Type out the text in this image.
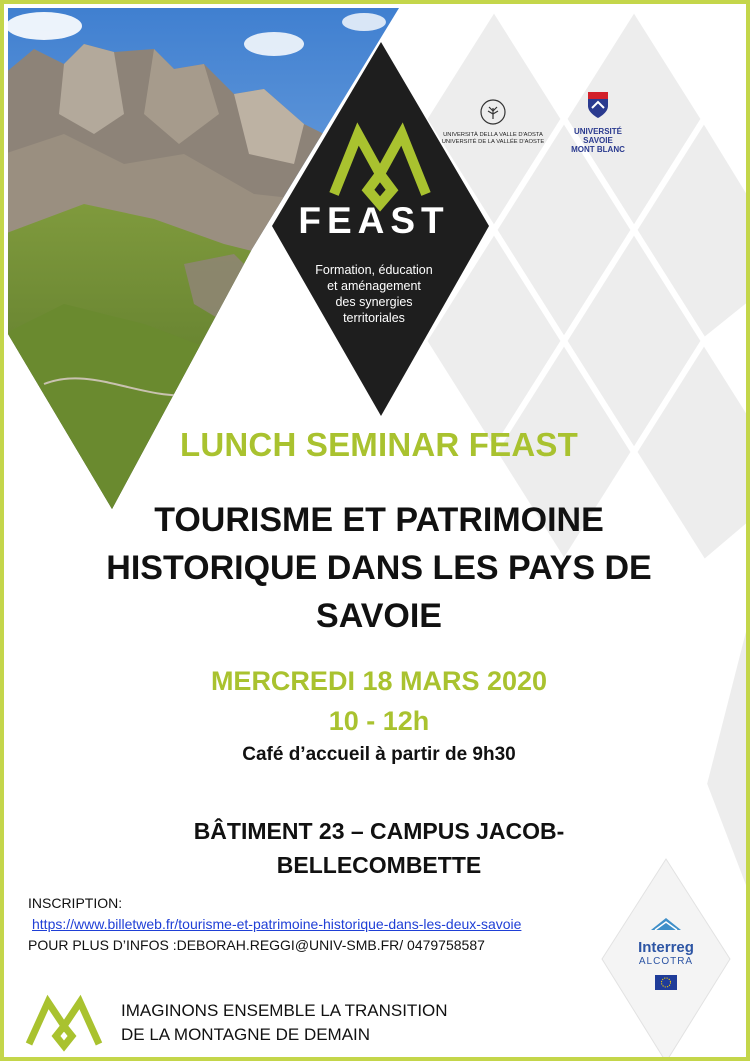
FEAST
Formation, éducation
et aménagement
des synergies
territoriales
UNIVERSITÀ DELLA VALLE D'AOSTA
UNIVERSITÉ DE LA VALLÉE D'AOSTE
UNIVERSITÉ
SAVOIE
MONT BLANC
LUNCH SEMINAR FEAST
TOURISME ET PATRIMOINE
HISTORIQUE DANS LES PAYS DE
SAVOIE
MERCREDI 18 MARS 2020
10 - 12h
Café d’accueil à partir de 9h30
BÂTIMENT 23 – CAMPUS JACOB-
BELLECOMBETTE
INSCRIPTION:
https://www.billetweb.fr/tourisme-et-patrimoine-historique-dans-les-deux-savoie
POUR PLUS D’INFOS :DEBORAH.REGGI@UNIV-SMB.FR/ 0479758587	Interreg
ALCOTRA
IMAGINONS ENSEMBLE LA TRANSITION
DE LA MONTAGNE DE DEMAIN
